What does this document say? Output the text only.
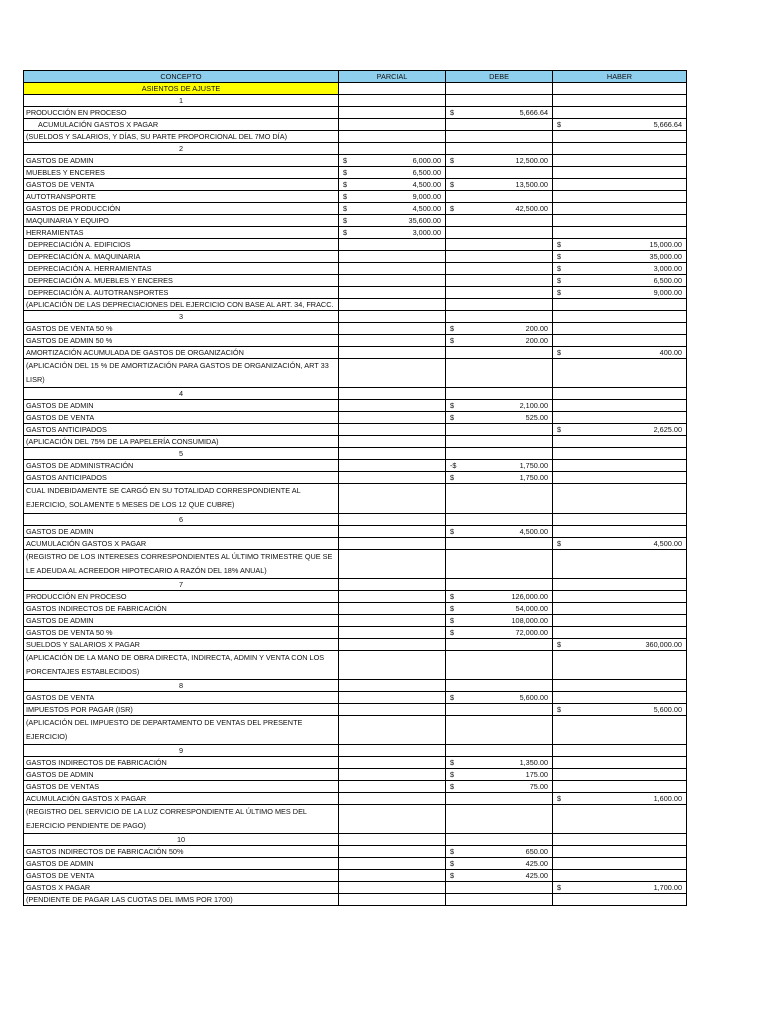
CONCEPTO	PARCIAL	DEBE	HABER
ASIENTOS DE AJUSTE			
1			
PRODUCCIÓN EN PROCESO		$ 5,666.64	

ACUMULACIÓN GASTOS X PAGAR			$ 5,666.64

(SUELDOS Y SALARIOS, Y DÍAS, SU PARTE PROPORCIONAL DEL 7MO DÍA)			
2			
GASTOS DE ADMIN	$ 6,000.00	$ 12,500.00	

MUEBLES Y ENCERES	$ 6,500.00		

GASTOS DE VENTA	$ 4,500.00	$ 13,500.00	

AUTOTRANSPORTE	$ 9,000.00		

GASTOS DE PRODUCCIÓN	$ 4,500.00	$ 42,500.00	

MAQUINARIA Y EQUIPO	$ 35,600.00		

HERRAMIENTAS	$ 3,000.00		

DEPRECIACIÓN A. EDIFICIOS			$ 15,000.00

DEPRECIACIÓN A. MAQUINARIA			$ 35,000.00

DEPRECIACIÓN A. HERRAMIENTAS			$ 3,000.00

DEPRECIACIÓN A. MUEBLES Y ENCERES			$ 6,500.00

DEPRECIACIÓN A. AUTOTRANSPORTES			$ 9,000.00

(APLICACIÓN DE LAS DEPRECIACIONES DEL EJERCICIO CON BASE AL ART. 34, FRACC.			
3			
GASTOS DE VENTA 50 %		$ 200.00	

GASTOS DE ADMIN 50 %		$ 200.00	

AMORTIZACIÓN ACUMULADA DE GASTOS DE ORGANIZACIÓN			$ 400.00

(APLICACIÓN DEL 15 % DE AMORTIZACIÓN PARA GASTOS DE ORGANIZACIÓN, ART 33 LISR)			
4			
GASTOS DE ADMIN		$ 2,100.00	

GASTOS DE VENTA		$ 525.00	

GASTOS ANTICIPADOS			$ 2,625.00

(APLICACIÓN DEL 75% DE LA PAPELERÍA CONSUMIDA)			
5			
GASTOS DE ADMINISTRACIÓN		-$ 1,750.00	

GASTOS ANTICIPADOS		$ 1,750.00	

CUAL INDEBIDAMENTE SE CARGÓ EN SU TOTALIDAD CORRESPONDIENTE AL EJERCICIO, SOLAMENTE 5 MESES DE LOS 12 QUE CUBRE)			
6			
GASTOS DE ADMIN		$ 4,500.00	

ACUMULACIÓN GASTOS X PAGAR			$ 4,500.00

(REGISTRO DE LOS INTERESES CORRESPONDIENTES AL ÚLTIMO TRIMESTRE QUE SE LE ADEUDA AL ACREEDOR HIPOTECARIO A RAZÓN DEL 18% ANUAL)			
7			
PRODUCCIÓN EN PROCESO		$ 126,000.00	

GASTOS INDIRECTOS DE FABRICACIÓN		$ 54,000.00	

GASTOS DE ADMIN		$ 108,000.00	

GASTOS DE VENTA 50 %		$ 72,000.00	

SUELDOS Y SALARIOS X PAGAR			$ 360,000.00

(APLICACIÓN DE LA MANO DE OBRA DIRECTA, INDIRECTA, ADMIN Y VENTA CON LOS PORCENTAJES ESTABLECIDOS)			
8			
GASTOS DE VENTA		$ 5,600.00	

IMPUESTOS POR PAGAR (ISR)			$ 5,600.00

(APLICACIÓN DEL IMPUESTO DE DEPARTAMENTO DE VENTAS DEL PRESENTE EJERCICIO)			
9			
GASTOS INDIRECTOS DE FABRICACIÓN		$ 1,350.00	

GASTOS DE ADMIN		$ 175.00	

GASTOS DE VENTAS		$ 75.00	

ACUMULACIÓN GASTOS X PAGAR			$ 1,600.00

(REGISTRO DEL SERVICIO DE LA LUZ CORRESPONDIENTE AL ÚLTIMO MES DEL EJERCICIO PENDIENTE DE PAGO)			
10			
GASTOS INDIRECTOS DE FABRICACIÓN 50%		$ 650.00	

GASTOS DE ADMIN		$ 425.00	

GASTOS DE VENTA		$ 425.00	

GASTOS X PAGAR			$ 1,700.00

(PENDIENTE DE PAGAR LAS CUOTAS DEL IMMS POR 1700)			
